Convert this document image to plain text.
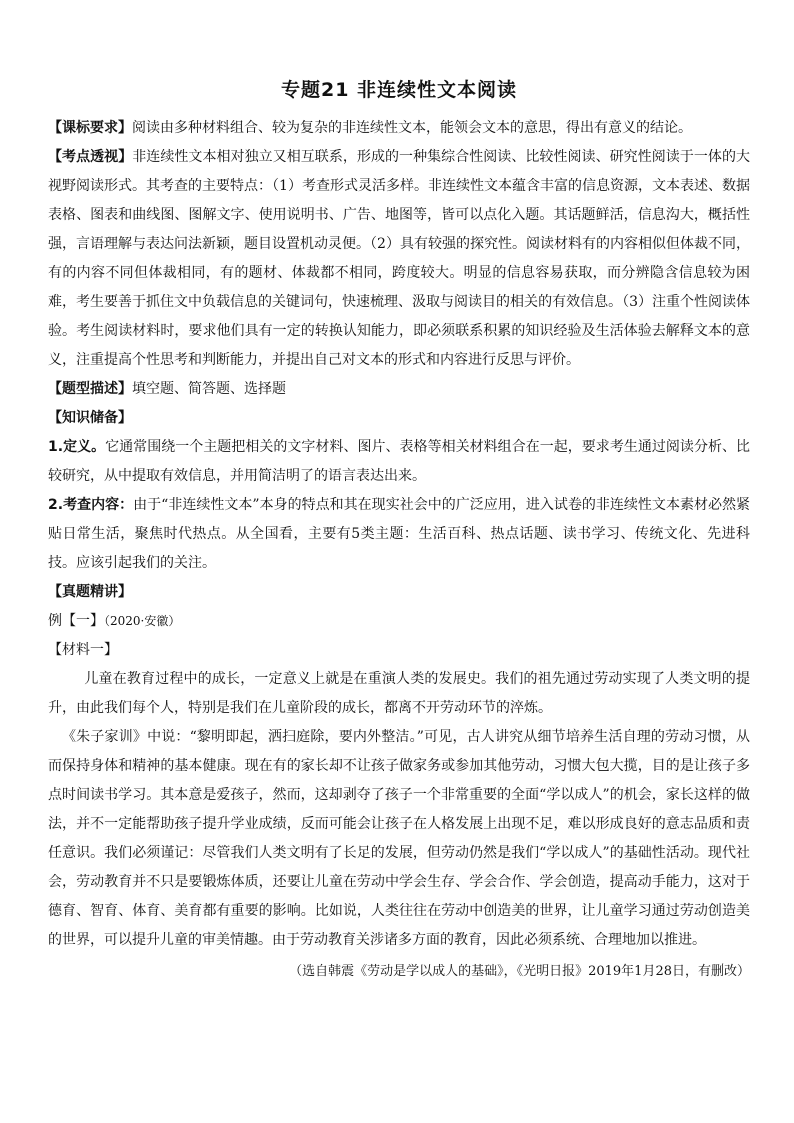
专题21 非连续性文本阅读

【课标要求】阅读由多种材料组合、较为复杂的非连续性文本，能领会文本的意思，得出有意义的结论。

【考点透视】非连续性文本相对独立又相互联系，形成的一种集综合性阅读、比较性阅读、研究性阅读于一体的大视野阅读形式。其考查的主要特点：（1）考查形式灵活多样。非连续性文本蕴含丰富的信息资源，文本表述、数据表格、图表和曲线图、图解文字、使用说明书、广告、地图等，皆可以点化入题。其话题鲜活，信息沟大，概括性强，言语理解与表达问法新颖，题目设置机动灵便。（2）具有较强的探究性。阅读材料有的内容相似但体裁不同，有的内容不同但体裁相同，有的题材、体裁都不相同，跨度较大。明显的信息容易获取，而分辨隐含信息较为困难，考生要善于抓住文中负载信息的关键词句，快速梳理、汲取与阅读目的相关的有效信息。（3）注重个性阅读体验。考生阅读材料时，要求他们具有一定的转换认知能力，即必须联系积累的知识经验及生活体验去解释文本的意义，注重提高个性思考和判断能力，并提出自己对文本的形式和内容进行反思与评价。

【题型描述】填空题、简答题、选择题

【知识储备】

1.定义。它通常围绕一个主题把相关的文字材料、图片、表格等相关材料组合在一起，要求考生通过阅读分析、比较研究，从中提取有效信息，并用简洁明了的语言表达出来。

2.考查内容：由于“非连续性文本”本身的特点和其在现实社会中的广泛应用，进入试卷的非连续性文本素材必然紧贴日常生活，聚焦时代热点。从全国看，主要有5类主题：生活百科、热点话题、读书学习、传统文化、先进科技。应该引起我们的关注。

【真题精讲】

例【一】（2020·安徽）

【材料一】

儿童在教育过程中的成长，一定意义上就是在重演人类的发展史。我们的祖先通过劳动实现了人类文明的提升，由此我们每个人，特别是我们在儿童阶段的成长，都离不开劳动环节的淬炼。

《朱子家训》中说：“黎明即起，洒扫庭除，要内外整洁。”可见，古人讲究从细节培养生活自理的劳动习惯，从而保持身体和精神的基本健康。现在有的家长却不让孩子做家务或参加其他劳动，习惯大包大揽，目的是让孩子多点时间读书学习。其本意是爱孩子，然而，这却剥夺了孩子一个非常重要的全面“学以成人”的机会，家长这样的做法，并不一定能帮助孩子提升学业成绩，反而可能会让孩子在人格发展上出现不足，难以形成良好的意志品质和责任意识。我们必须谨记：尽管我们人类文明有了长足的发展，但劳动仍然是我们“学以成人”的基础性活动。现代社会，劳动教育并不只是要锻炼体质，还要让儿童在劳动中学会生存、学会合作、学会创造，提高动手能力，这对于德育、智育、体育、美育都有重要的影响。比如说，人类往往在劳动中创造美的世界，让儿童学习通过劳动创造美的世界，可以提升儿童的审美情趣。由于劳动教育关涉诸多方面的教育，因此必须系统、合理地加以推进。

（选自韩震《劳动是学以成人的基础》，《光明日报》2019年1月28日，有删改）
